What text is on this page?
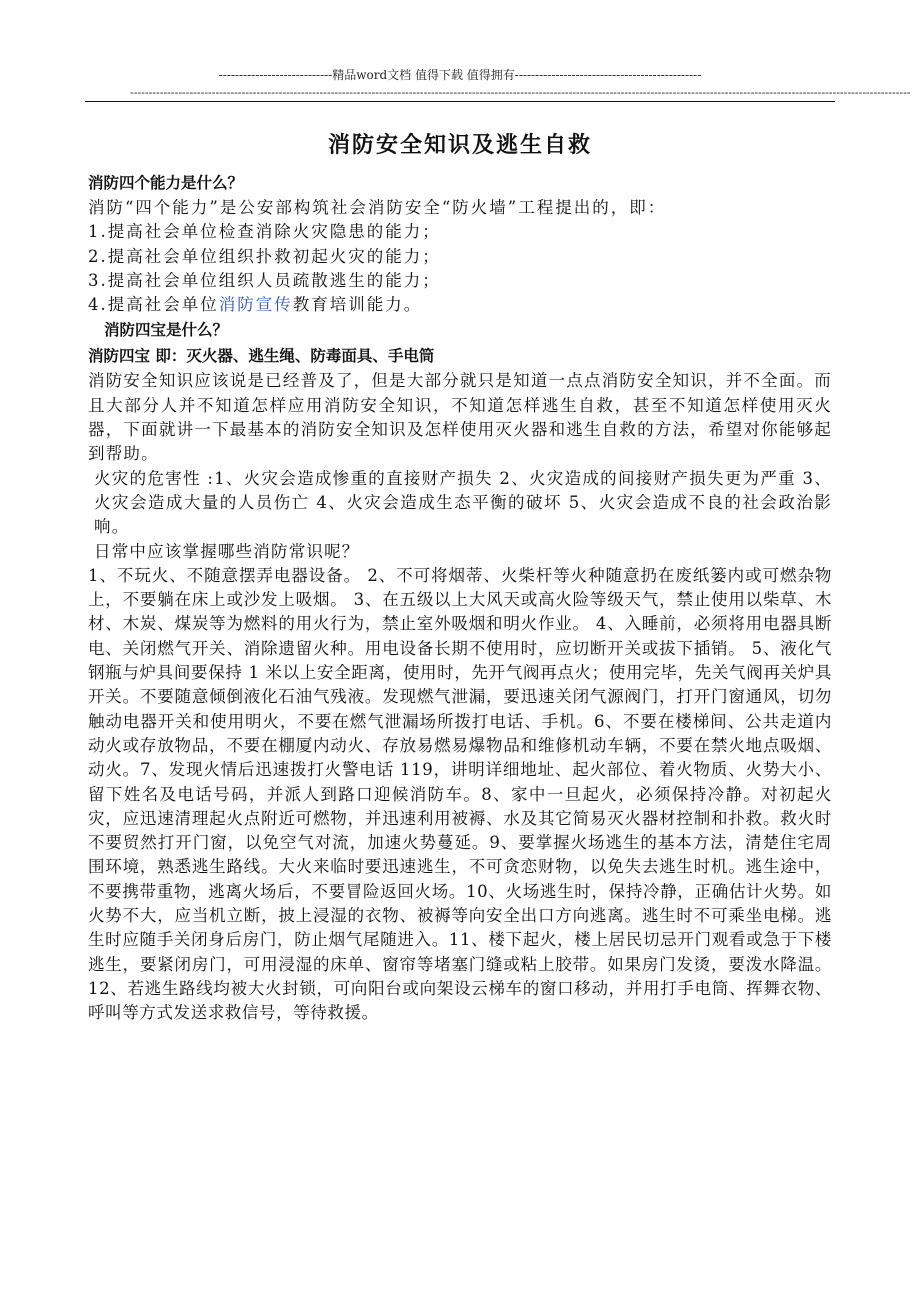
----------------------------精品word文档 值得下载 值得拥有----------------------------------------------
------------------------------------------------------------------------------------------------------------------------------------------------------------------------------------------------------------------
消防安全知识及逃生自救
消防四个能力是什么？
消防“四个能力”是公安部构筑社会消防安全“防火墙”工程提出的，即：
1.提高社会单位检查消除火灾隐患的能力；
2.提高社会单位组织扑救初起火灾的能力；
3.提高社会单位组织人员疏散逃生的能力；
4.提高社会单位消防宣传教育培训能力。
消防四宝是什么？
消防四宝 即：灭火器、逃生绳、防毒面具、手电筒
消防安全知识应该说是已经普及了，但是大部分就只是知道一点点消防安全知识，并不全面。而且大部分人并不知道怎样应用消防安全知识，不知道怎样逃生自救，甚至不知道怎样使用灭火器，下面就讲一下最基本的消防安全知识及怎样使用灭火器和逃生自救的方法，希望对你能够起到帮助。
火灾的危害性 :1、火灾会造成惨重的直接财产损失 2、火灾造成的间接财产损失更为严重 3、火灾会造成大量的人员伤亡 4、火灾会造成生态平衡的破坏 5、火灾会造成不良的社会政治影响。
日常中应该掌握哪些消防常识呢？
1、不玩火、不随意摆弄电器设备。 2、不可将烟蒂、火柴杆等火种随意扔在废纸篓内或可燃杂物上，不要躺在床上或沙发上吸烟。 3、在五级以上大风天或高火险等级天气，禁止使用以柴草、木材、木炭、煤炭等为燃料的用火行为，禁止室外吸烟和明火作业。 4、入睡前，必须将用电器具断电、关闭燃气开关、消除遗留火种。用电设备长期不使用时，应切断开关或拔下插销。 5、液化气钢瓶与炉具间要保持 1 米以上安全距离，使用时，先开气阀再点火；使用完毕，先关气阀再关炉具开关。不要随意倾倒液化石油气残液。发现燃气泄漏，要迅速关闭气源阀门，打开门窗通风，切勿触动电器开关和使用明火，不要在燃气泄漏场所拨打电话、手机。6、不要在楼梯间、公共走道内动火或存放物品，不要在棚厦内动火、存放易燃易爆物品和维修机动车辆，不要在禁火地点吸烟、动火。7、发现火情后迅速拨打火警电话 119，讲明详细地址、起火部位、着火物质、火势大小、留下姓名及电话号码，并派人到路口迎候消防车。8、家中一旦起火，必须保持冷静。对初起火灾，应迅速清理起火点附近可燃物，并迅速利用被褥、水及其它简易灭火器材控制和扑救。救火时不要贸然打开门窗，以免空气对流，加速火势蔓延。9、要掌握火场逃生的基本方法，清楚住宅周围环境，熟悉逃生路线。大火来临时要迅速逃生，不可贪恋财物，以免失去逃生时机。逃生途中，不要携带重物，逃离火场后，不要冒险返回火场。10、火场逃生时，保持冷静，正确估计火势。如火势不大，应当机立断，披上浸湿的衣物、被褥等向安全出口方向逃离。逃生时不可乘坐电梯。逃生时应随手关闭身后房门，防止烟气尾随进入。11、楼下起火，楼上居民切忌开门观看或急于下楼逃生，要紧闭房门，可用浸湿的床单、窗帘等堵塞门缝或粘上胶带。如果房门发烫，要泼水降温。12、若逃生路线均被大火封锁，可向阳台或向架设云梯车的窗口移动，并用打手电筒、挥舞衣物、呼叫等方式发送求救信号，等待救援。
